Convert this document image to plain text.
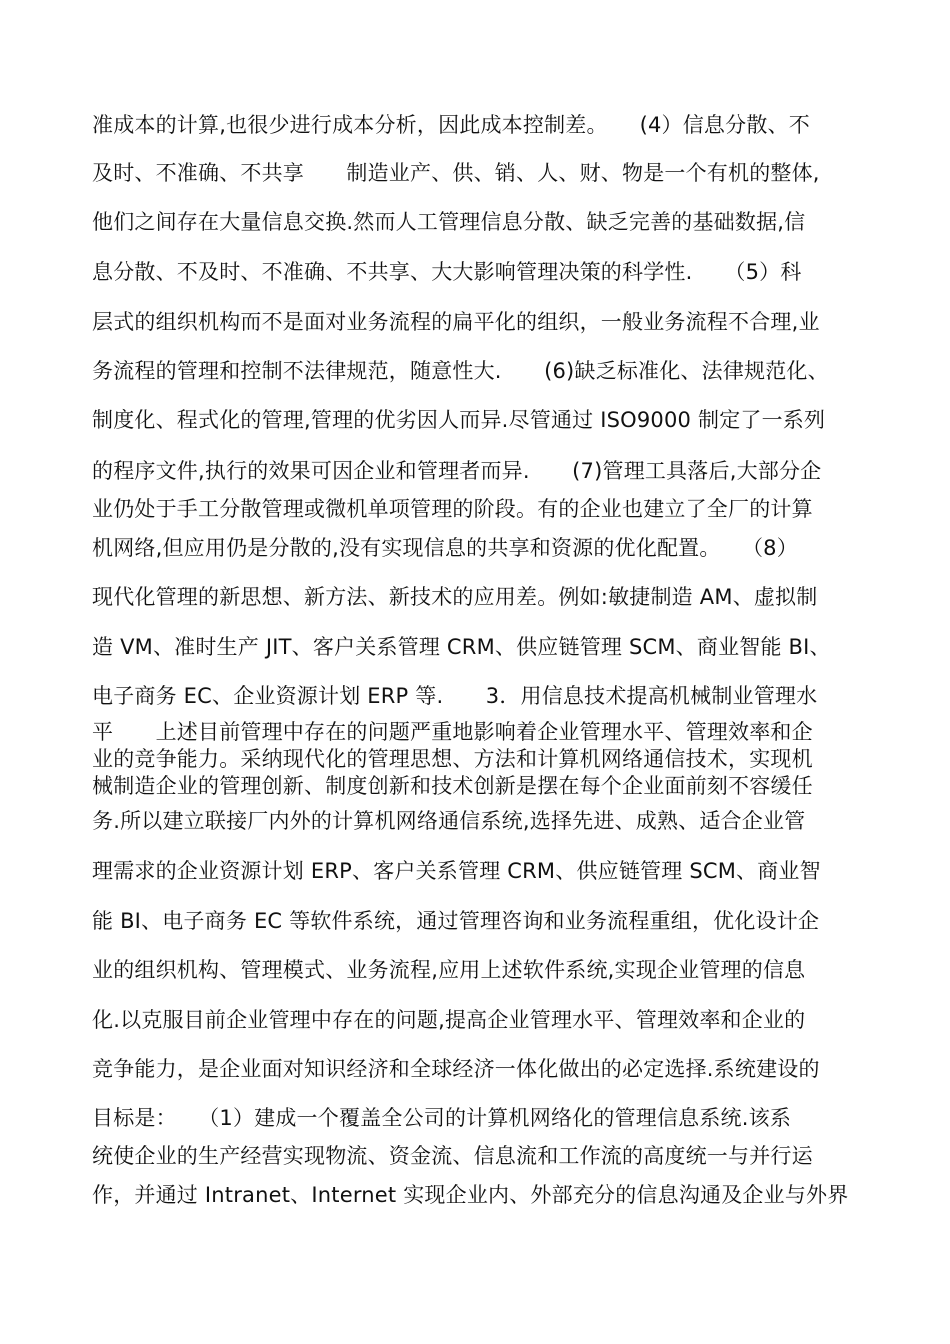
准成本的计算,也很少进行成本分析，因此成本控制差。　　(4）信息分散、不
及时、不准确、不共享　　制造业产、供、销、人、财、物是一个有机的整体,
他们之间存在大量信息交换.然而人工管理信息分散、缺乏完善的基础数据,信
息分散、不及时、不准确、不共享、大大影响管理决策的科学性.　　（5）科
层式的组织机构而不是面对业务流程的扁平化的组织，一般业务流程不合理,业
务流程的管理和控制不法律规范，随意性大.　　(6)缺乏标准化、法律规范化、
制度化、程式化的管理,管理的优劣因人而异.尽管通过 ISO9000 制定了一系列
的程序文件,执行的效果可因企业和管理者而异.　　(7)管理工具落后,大部分企
业仍处于手工分散管理或微机单项管理的阶段。有的企业也建立了全厂的计算
机网络,但应用仍是分散的,没有实现信息的共享和资源的优化配置。　　（8）
现代化管理的新思想、新方法、新技术的应用差。例如:敏捷制造 AM、虚拟制
造 VM、准时生产 JIT、客户关系管理 CRM、供应链管理 SCM、商业智能 BI、
电子商务 EC、企业资源计划 ERP 等.　　3．用信息技术提高机械制业管理水
平　　上述目前管理中存在的问题严重地影响着企业管理水平、管理效率和企
业的竞争能力。采纳现代化的管理思想、方法和计算机网络通信技术，实现机
械制造企业的管理创新、制度创新和技术创新是摆在每个企业面前刻不容缓任
务.所以建立联接厂内外的计算机网络通信系统,选择先进、成熟、适合企业管
理需求的企业资源计划 ERP、客户关系管理 CRM、供应链管理 SCM、商业智
能 BI、电子商务 EC 等软件系统，通过管理咨询和业务流程重组，优化设计企
业的组织机构、管理模式、业务流程,应用上述软件系统,实现企业管理的信息
化.以克服目前企业管理中存在的问题,提高企业管理水平、管理效率和企业的
竞争能力，是企业面对知识经济和全球经济一体化做出的必定选择.系统建设的
目标是：　　（1）建成一个覆盖全公司的计算机网络化的管理信息系统.该系
统使企业的生产经营实现物流、资金流、信息流和工作流的高度统一与并行运
作，并通过 Intranet、Internet 实现企业内、外部充分的信息沟通及企业与外界
